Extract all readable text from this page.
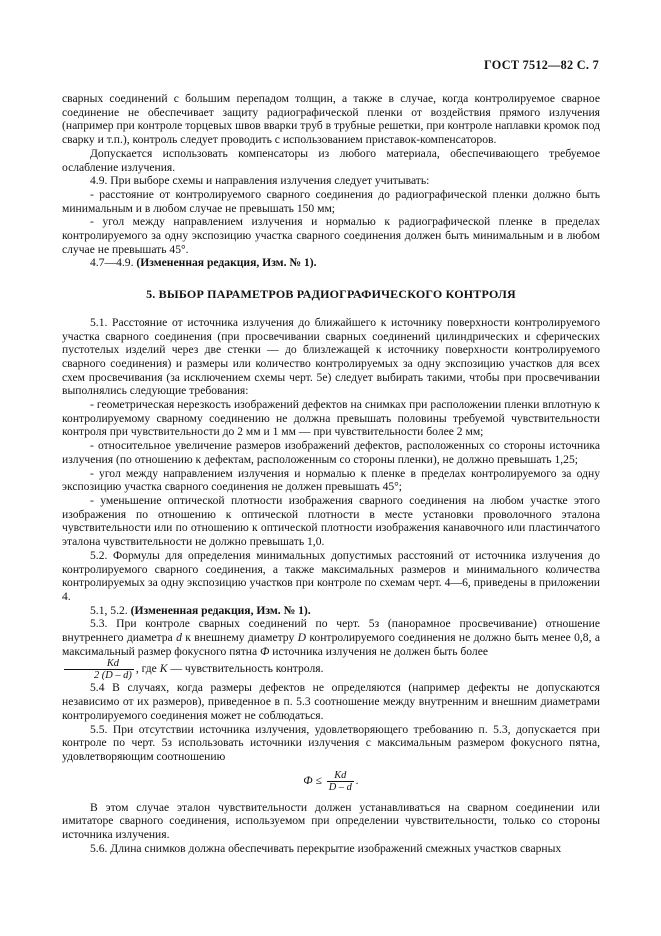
ГОСТ 7512—82 С. 7

сварных соединений с большим перепадом толщин, а также в случае, когда контролируемое сварное соединение не обеспечивает защиту радиографической пленки от воздействия прямого излучения (например при контроле торцевых швов вварки труб в трубные решетки, при контроле наплавки кромок под сварку и т.п.), контроль следует проводить с использованием приставок-компенсаторов.

Допускается использовать компенсаторы из любого материала, обеспечивающего требуемое ослабление излучения.

4.9. При выборе схемы и направления излучения следует учитывать:

- расстояние от контролируемого сварного соединения до радиографической пленки должно быть минимальным и в любом случае не превышать 150 мм;

- угол между направлением излучения и нормалью к радиографической пленке в пределах контролируемого за одну экспозицию участка сварного соединения должен быть минимальным и в любом случае не превышать 45°.

4.7—4.9. (Измененная редакция, Изм. № 1).

5. ВЫБОР ПАРАМЕТРОВ РАДИОГРАФИЧЕСКОГО КОНТРОЛЯ

5.1. Расстояние от источника излучения до ближайшего к источнику поверхности контролируемого участка сварного соединения (при просвечивании сварных соединений цилиндрических и сферических пустотелых изделий через две стенки — до близлежащей к источнику поверхности контролируемого сварного соединения) и размеры или количество контролируемых за одну экспозицию участков для всех схем просвечивания (за исключением схемы черт. 5е) следует выбирать такими, чтобы при просвечивании выполнялись следующие требования:

- геометрическая нерезкость изображений дефектов на снимках при расположении пленки вплотную к контролируемому сварному соединению не должна превышать половины требуемой чувствительности контроля при чувствительности до 2 мм и 1 мм — при чувствительности более 2 мм;

- относительное увеличение размеров изображений дефектов, расположенных со стороны источника излучения (по отношению к дефектам, расположенным со стороны пленки), не должно превышать 1,25;

- угол между направлением излучения и нормалью к пленке в пределах контролируемого за одну экспозицию участка сварного соединения не должен превышать 45°;

- уменьшение оптической плотности изображения сварного соединения на любом участке этого изображения по отношению к оптической плотности в месте установки проволочного эталона чувствительности или по отношению к оптической плотности изображения канавочного или пластинчатого эталона чувствительности не должно превышать 1,0.

5.2. Формулы для определения минимальных допустимых расстояний от источника излучения до контролируемого сварного соединения, а также максимальных размеров и минимального количества контролируемых за одну экспозицию участков при контроле по схемам черт. 4—6, приведены в приложении 4.

5.1, 5.2. (Измененная редакция, Изм. № 1).

5.3. При контроле сварных соединений по черт. 5з (панорамное просвечивание) отношение внутреннего диаметра d к внешнему диаметру D контролируемого соединения не должно быть менее 0,8, а максимальный размер фокусного пятна Ф источника излучения не должен быть более

$\frac{Kd}{2 (D - d)}$ , где K — чувствительность контроля.

5.4 В случаях, когда размеры дефектов не определяются (например дефекты не допускаются независимо от их размеров), приведенное в п. 5.3 соотношение между внутренним и внешним диаметрами контролируемого соединения может не соблюдаться.

5.5. При отсутствии источника излучения, удовлетворяющего требованию п. 5.3, допускается при контроле по черт. 5з использовать источники излучения с максимальным размером фокусного пятна, удовлетворяющим соотношению

$Ф \le \frac{Kd}{D - d}$ .

В этом случае эталон чувствительности должен устанавливаться на сварном соединении или имитаторе сварного соединения, используемом при определении чувствительности, только со стороны источника излучения.

5.6. Длина снимков должна обеспечивать перекрытие изображений смежных участков сварных
